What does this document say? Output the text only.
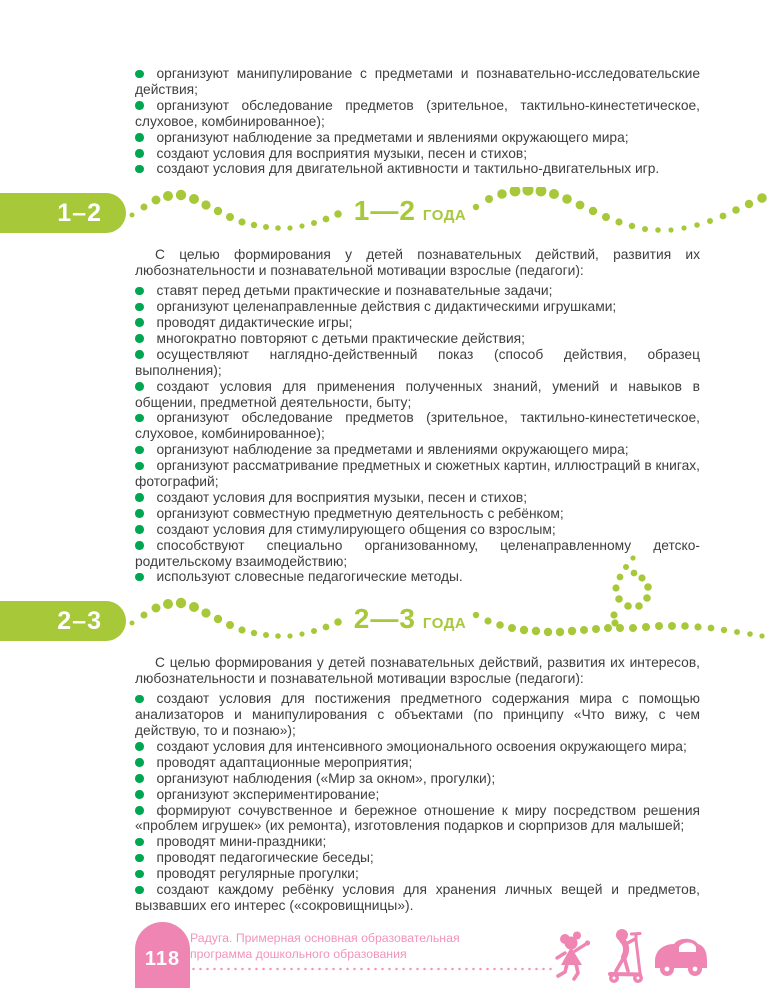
организуют манипулирование с предметами и познавательно-исследовательские действия;
организуют обследование предметов (зрительное, тактильно-кинестетическое, слуховое, комбинированное);
организуют наблюдение за предметами и явлениями окружающего мира;
создают условия для восприятия музыки, песен и стихов;
создают условия для двигательной активности и тактильно-двигательных игр.
1–2	1—2 ГОДА

С целью формирования у детей познавательных действий, развития их любознательности и познавательной мотивации взрослые (педагоги):

ставят перед детьми практические и познавательные задачи;
организуют целенаправленные действия с дидактическими игрушками;
проводят дидактические игры;
многократно повторяют с детьми практические действия;
осуществляют наглядно-действенный показ (способ действия, образец выполнения);
создают условия для применения полученных знаний, умений и навыков в общении, предметной деятельности, быту;
организуют обследование предметов (зрительное, тактильно-кинестетическое, слуховое, комбинированное);
организуют наблюдение за предметами и явлениями окружающего мира;
организуют рассматривание предметных и сюжетных картин, иллюстраций в книгах, фотографий;
создают условия для восприятия музыки, песен и стихов;
организуют совместную предметную деятельность с ребёнком;
создают условия для стимулирующего общения со взрослым;
способствуют специально организованному, целенаправленному детско-родительскому взаимодействию;
используют словесные педагогические методы.
2–3	2—3 ГОДА

С целью формирования у детей познавательных действий, развития их интересов, любознательности и познавательной мотивации взрослые (педагоги):

создают условия для постижения предметного содержания мира с помощью анализаторов и манипулирования с объектами (по принципу «Что вижу, с чем действую, то и познаю»);
создают условия для интенсивного эмоционального освоения окружающего мира;
проводят адаптационные мероприятия;
организуют наблюдения («Мир за окном», прогулки);
организуют экспериментирование;
формируют сочувственное и бережное отношение к миру посредством решения «проблем игрушек» (их ремонта), изготовления подарков и сюрпризов для малышей;
проводят мини-праздники;
проводят педагогические беседы;
проводят регулярные прогулки;
создают каждому ребёнку условия для хранения личных вещей и предметов, вызвавших его интерес («сокровищницы»).
118
Радуга. Примерная основная образовательная
программа дошкольного образования
